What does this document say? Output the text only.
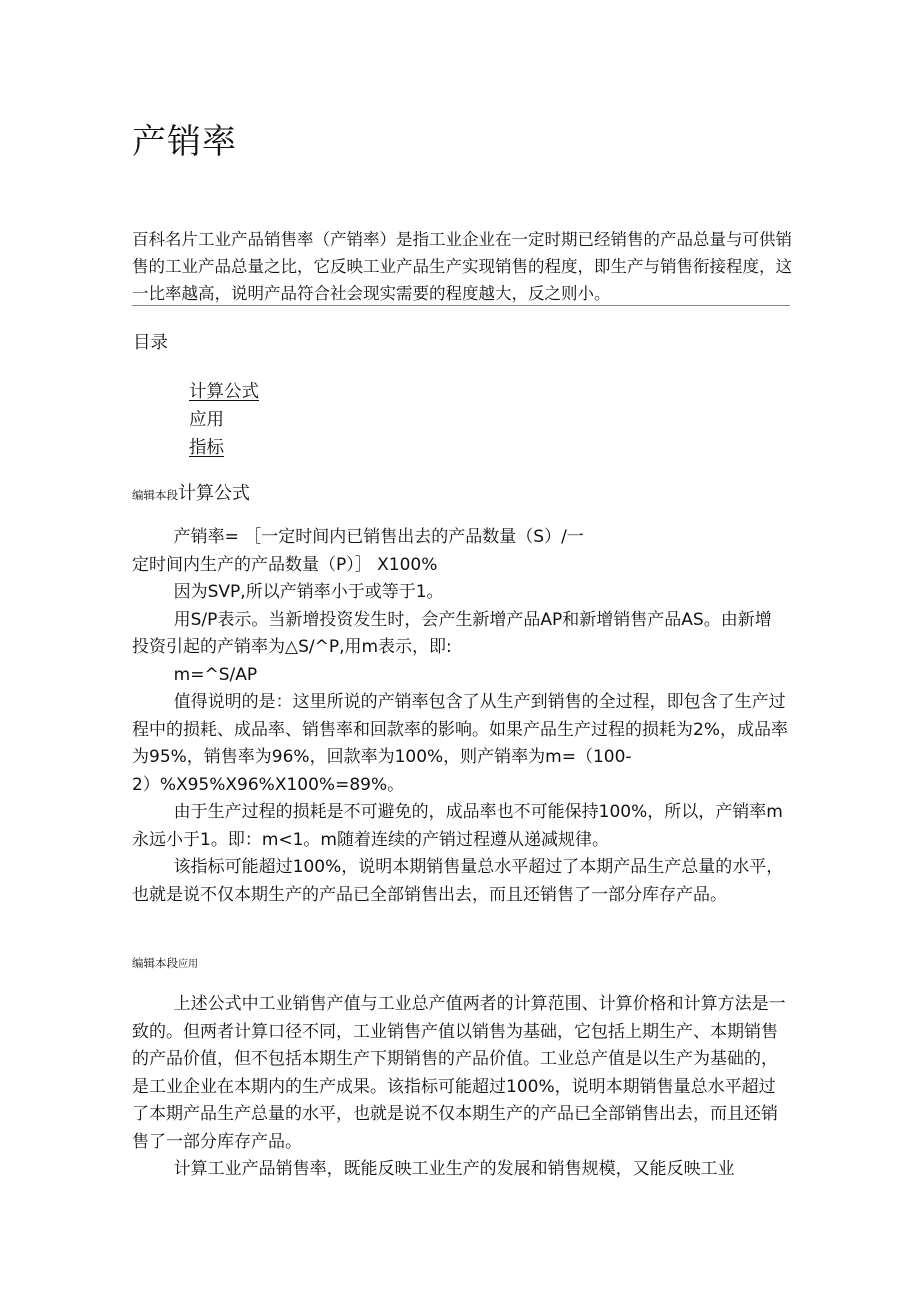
产销率

百科名片工业产品销售率（产销率）是指工业企业在一定时期已经销售的产品总量与可供销售的工业产品总量之比，它反映工业产品生产实现销售的程度，即生产与销售衔接程度，这一比率越高，说明产品符合社会现实需要的程度越大，反之则小。

目录

计算公式
应用
指标

编辑本段计算公式

产销率= ［一定时间内已销售出去的产品数量（S）/一

定时间内生产的产品数量（P）］ X100%

因为SVP,所以产销率小于或等于1。

用S/P表示。当新增投资发生时，会产生新增产品AP和新增销售产品AS。由新增投资引起的产销率为△S/^P,用m表示，即:

m=^S/AP

值得说明的是：这里所说的产销率包含了从生产到销售的全过程，即包含了生产过程中的损耗、成品率、销售率和回款率的影响。如果产品生产过程的损耗为2%，成品率为95%，销售率为96%，回款率为100%，则产销率为m=（100-2）%X95%X96%X100%=89%。

由于生产过程的损耗是不可避免的，成品率也不可能保持100%，所以，产销率m永远小于1。即：m<1。m随着连续的产销过程遵从递减规律。

该指标可能超过100%，说明本期销售量总水平超过了本期产品生产总量的水平，也就是说不仅本期生产的产品已全部销售出去，而且还销售了一部分库存产品。

编辑本段应用

上述公式中工业销售产值与工业总产值两者的计算范围、计算价格和计算方法是一致的。但两者计算口径不同，工业销售产值以销售为基础，它包括上期生产、本期销售的产品价值，但不包括本期生产下期销售的产品价值。工业总产值是以生产为基础的，是工业企业在本期内的生产成果。该指标可能超过100%，说明本期销售量总水平超过了本期产品生产总量的水平，也就是说不仅本期生产的产品已全部销售出去，而且还销售了一部分库存产品。

计算工业产品销售率，既能反映工业生产的发展和销售规模，又能反映工业
